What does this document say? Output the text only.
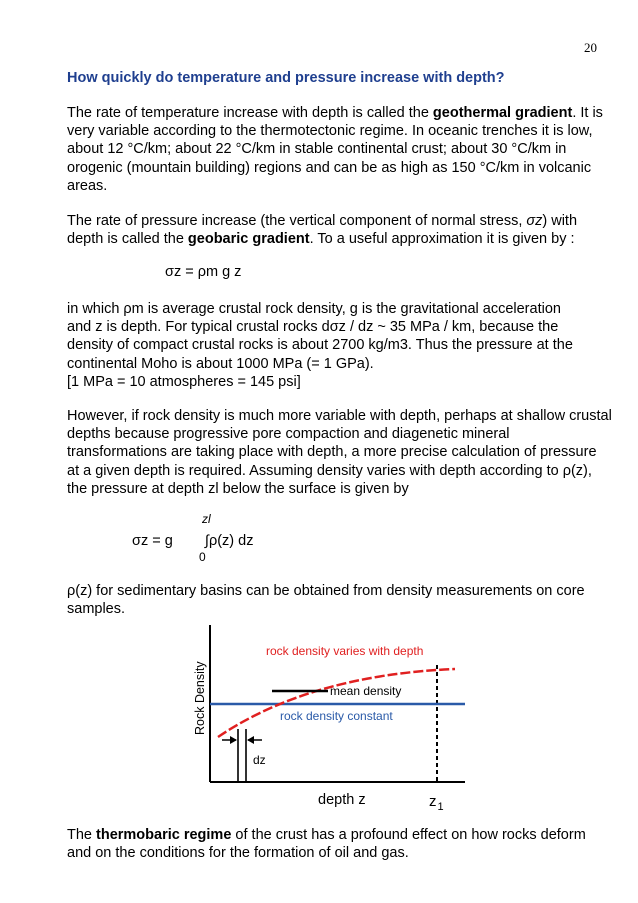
20
How quickly do temperature and pressure increase with depth?
The rate of temperature increase with depth is called the geothermal gradient. It is very variable according to the thermotectonic regime. In oceanic trenches it is low, about 12 °C/km; about 22 °C/km in stable continental crust; about 30 °C/km in orogenic (mountain building) regions and can be as high as 150 °C/km in volcanic areas.
The rate of pressure increase (the vertical component of normal stress, σz) with depth is called the geobaric gradient. To a useful approximation it is given by :
σz = ρm g z
in which ρm is average crustal rock density, g is the gravitational acceleration
and z is depth. For typical crustal rocks dσz / dz ~ 35 MPa / km, because the
density of compact crustal rocks is about 2700 kg/m3. Thus the pressure at the
continental Moho is about 1000 MPa (= 1 GPa).
[1 MPa = 10 atmospheres = 145 psi]
However, if rock density is much more variable with depth, perhaps at shallow crustal depths because progressive pore compaction and diagenetic mineral transformations are taking place with depth, a more precise calculation of pressure at a given depth is required. Assuming density varies with depth according to ρ(z), the pressure at depth zl below the surface is given by
zl
σz = g ∫ρ(z) dz
0
ρ(z) for sedimentary basins can be obtained from density measurements on core samples.
Rock Density
depth z	$z_1$
rock density constant
rock density varies with depth
mean density
dz
The thermobaric regime of the crust has a profound effect on how rocks deform and on the conditions for the formation of oil and gas.
